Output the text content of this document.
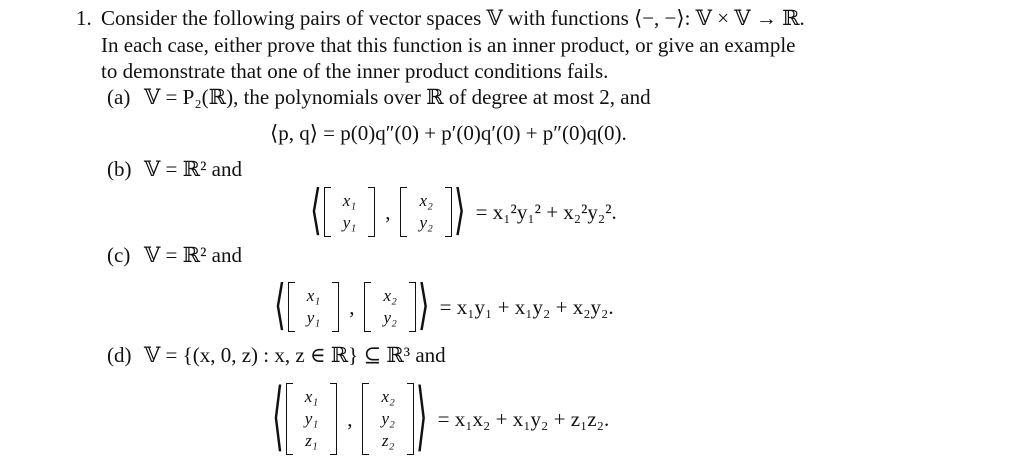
1. Consider the following pairs of vector spaces 𝕍 with functions ⟨−, −⟩: 𝕍 × 𝕍 → ℝ.
In each case, either prove that this function is an inner product, or give an example
to demonstrate that one of the inner product conditions fails.
(a) 𝕍 = P₂(ℝ), the polynomials over ℝ of degree at most 2, and
⟨p, q⟩ = p(0)q″(0) + p′(0)q′(0) + p″(0)q(0).
(b) 𝕍 = ℝ² and
⟨ x₁
y₁ , x₂
y₂ ⟩ = x₁²y₁² + x₂²y₂².
(c) 𝕍 = ℝ² and
⟨ x₁
y₁ , x₂
y₂ ⟩ = x₁y₁ + x₁y₂ + x₂y₂.
(d) 𝕍 = {(x, 0, z) : x, z ∈ ℝ} ⊆ ℝ³ and
⟨ x₁
y₁
z₁
,
x₂
y₂
z₂ ⟩ = x₁x₂ + x₁y₂ + z₁z₂.
